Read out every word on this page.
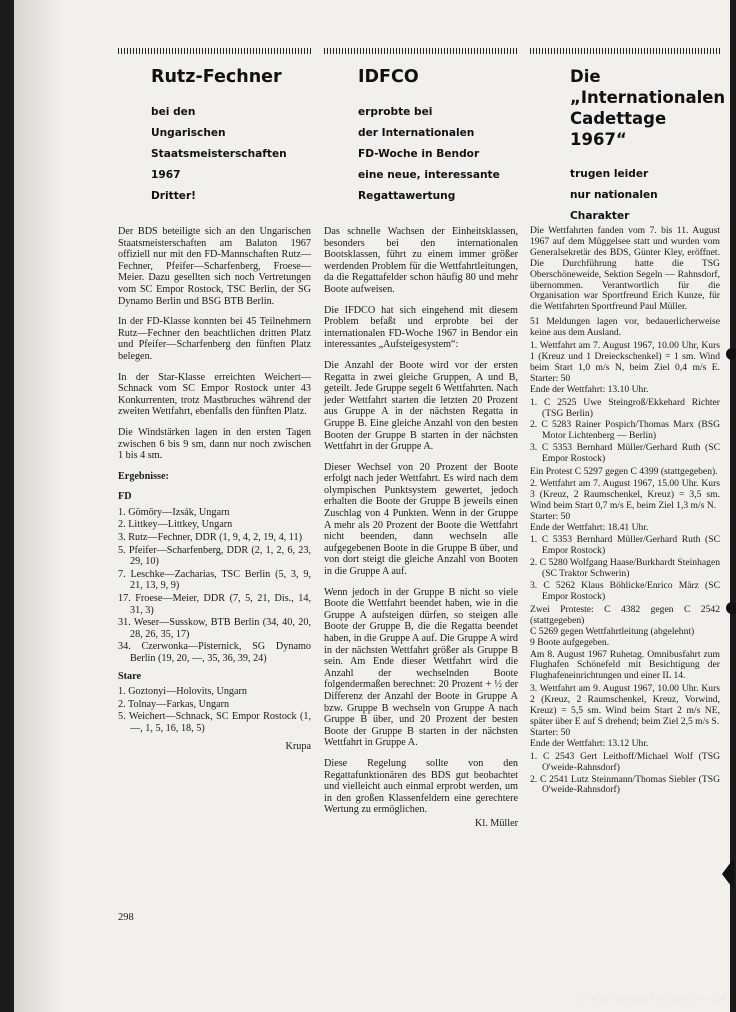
Rutz-Fechner
bei den
Ungarischen
Staatsmeisterschaften 1967
Dritter!

Der BDS beteiligte sich an den Ungarischen Staatsmeisterschaften am Balaton 1967 offiziell nur mit den FD-Mannschaften Rutz—Fechner, Pfeifer—Scharfenberg, Froese—Meier. Dazu gesellten sich noch Vertretungen vom SC Empor Rostock, TSC Berlin, der SG Dynamo Berlin und BSG BTB Berlin.

In der FD-Klasse konnten bei 45 Teilnehmern Rutz—Fechner den beachtlichen dritten Platz und Pfeifer—Scharfenberg den fünften Platz belegen.

In der Star-Klasse erreichten Weichert—Schnack vom SC Empor Rostock unter 43 Konkurrenten, trotz Mastbruches während der zweiten Wettfahrt, ebenfalls den fünften Platz.

Die Windstärken lagen in den ersten Tagen zwischen 6 bis 9 sm, dann nur noch zwischen 1 bis 4 sm.

Ergebnisse:

FD

1. Gömöry—Izsák, Ungarn
2. Littkey—Littkey, Ungarn
3. Rutz—Fechner, DDR (1, 9, 4, 2, 19, 4, 11)
5. Pfeifer—Scharfenberg, DDR (2, 1, 2, 6, 23, 29, 10)
7. Leschke—Zacharias, TSC Berlin (5, 3, 9, 21, 13, 9, 9)
17. Froese—Meier, DDR (7, 5, 21, Dis., 14, 31, 3)
31. Weser—Susskow, BTB Berlin (34, 40, 20, 28, 26, 35, 17)
34. Czerwonka—Pisternick, SG Dynamo Berlin (19, 20, —, 35, 36, 39, 24)

Stare

1. Goztonyi—Holovits, Ungarn
2. Tolnay—Farkas, Ungarn
5. Weichert—Schnack, SC Empor Rostock (1, —, 1, 5, 16, 18, 5)
Krupa
IDFCO
erprobte bei
der Internationalen
FD-Woche in Bendor
eine neue, interessante
Regattawertung

Das schnelle Wachsen der Einheitsklassen, besonders bei den internationalen Bootsklassen, führt zu einem immer größer werdenden Problem für die Wettfahrtleitungen, da die Regattafelder schon häufig 80 und mehr Boote aufweisen.

Die IFDCO hat sich eingehend mit diesem Problem befaßt und erprobte bei der internationalen FD-Woche 1967 in Bendor ein interessantes „Aufsteigesystem“:

Die Anzahl der Boote wird vor der ersten Regatta in zwei gleiche Gruppen, A und B, geteilt. Jede Gruppe segelt 6 Wettfahrten. Nach jeder Wettfahrt starten die letzten 20 Prozent aus Gruppe A in der nächsten Regatta in Gruppe B. Eine gleiche Anzahl von den besten Booten der Gruppe B starten in der nächsten Wettfahrt in der Gruppe A.

Dieser Wechsel von 20 Prozent der Boote erfolgt nach jeder Wettfahrt. Es wird nach dem olympischen Punktsystem gewertet, jedoch erhalten die Boote der Gruppe B jeweils einen Zuschlag von 4 Punkten. Wenn in der Gruppe A mehr als 20 Prozent der Boote die Wettfahrt nicht beenden, dann wechseln alle aufgegebenen Boote in die Gruppe B über, und von dort steigt die gleiche Anzahl von Booten in die Gruppe A auf.

Wenn jedoch in der Gruppe B nicht so viele Boote die Wettfahrt beendet haben, wie in die Gruppe A aufsteigen dürfen, so steigen alle Boote der Gruppe B, die die Regatta beendet haben, in die Gruppe A auf. Die Gruppe A wird in der nächsten Wettfahrt größer als Gruppe B sein. Am Ende dieser Wettfahrt wird die Anzahl der wechselnden Boote folgendermaßen berechnet: 20 Prozent + ½ der Differenz der Anzahl der Boote in Gruppe A bzw. Gruppe B wechseln von Gruppe A nach Gruppe B über, und 20 Prozent der besten Boote der Gruppe B starten in der nächsten Wettfahrt in Gruppe A.

Diese Regelung sollte von den Regattafunktionären des BDS gut beobachtet und vielleicht auch einmal erprobt werden, um in den großen Klassenfeldern eine gerechtere Wertung zu ermöglichen.

Kl. Müller
Die „Internationalen Cadettage 1967“
trugen leider
nur nationalen
Charakter

Die Wettfahrten fanden vom 7. bis 11. August 1967 auf dem Müggelsee statt und wurden vom Generalsekretär des BDS, Günter Kley, eröffnet. Die Durchführung hatte die TSG Oberschöneweide, Sektion Segeln — Rahnsdorf, übernommen. Verantwortlich für die Organisation war Sportfreund Erich Kunze, für die Wettfahrten Sportfreund Paul Müller.

51 Meldungen lagen vor, bedauerlicherweise keine aus dem Ausland.

1. Wettfahrt am 7. August 1967, 10.00 Uhr, Kurs 1 (Kreuz und 1 Dreieckschenkel) = 1 sm. Wind beim Start 1,0 m/s N, beim Ziel 0,4 m/s E. Starter: 50

Ende der Wettfahrt: 13.10 Uhr.

1. C 2525 Uwe Steingroß/Ekkehard Richter (TSG Berlin)
2. C 5283 Rainer Pospich/Thomas Marx (BSG Motor Lichtenberg — Berlin)
3. C 5353 Bernhard Müller/Gerhard Ruth (SC Empor Rostock)

Ein Protest C 5297 gegen C 4399 (stattgegeben).

2. Wettfahrt am 7. August 1967, 15.00 Uhr. Kurs 3 (Kreuz, 2 Raumschenkel, Kreuz) = 3,5 sm. Wind beim Start 0,7 m/s E, beim Ziel 1,3 m/s N.

Starter: 50

Ende der Wettfahrt: 18.41 Uhr.

1. C 5353 Bernhard Müller/Gerhard Ruth (SC Empor Rostock)
2. C 5280 Wolfgang Haase/Burkhardt Steinhagen (SC Traktor Schwerin)
3. C 5262 Klaus Böhlicke/Enrico März (SC Empor Rostock)

Zwei Proteste: C 4382 gegen C 2542 (stattgegeben)

C 5269 gegen Wettfahrtleitung (abgelehnt)

9 Boote aufgegeben.

Am 8. August 1967 Ruhetag. Omnibusfahrt zum Flughafen Schönefeld mit Besichtigung der Flughafeneinrichtungen und einer IL 14.

3. Wettfahrt am 9. August 1967, 10.00 Uhr. Kurs 2 (Kreuz, 2 Raumschenkel, Kreuz, Vorwind, Kreuz) = 5,5 sm. Wind beim Start 2 m/s NE, später über E auf S drehend; beim Ziel 2,5 m/s S.

Starter: 50

Ende der Wettfahrt: 13.12 Uhr.

1. C 2543 Gert Leithoff/Michael Wolf (TSG O'weide-Rahnsdorf)
2. C 2541 Lutz Steinmann/Thomas Siebler (TSG O'weide-Rahnsdorf)
298
© yachtsportmuseum.de
